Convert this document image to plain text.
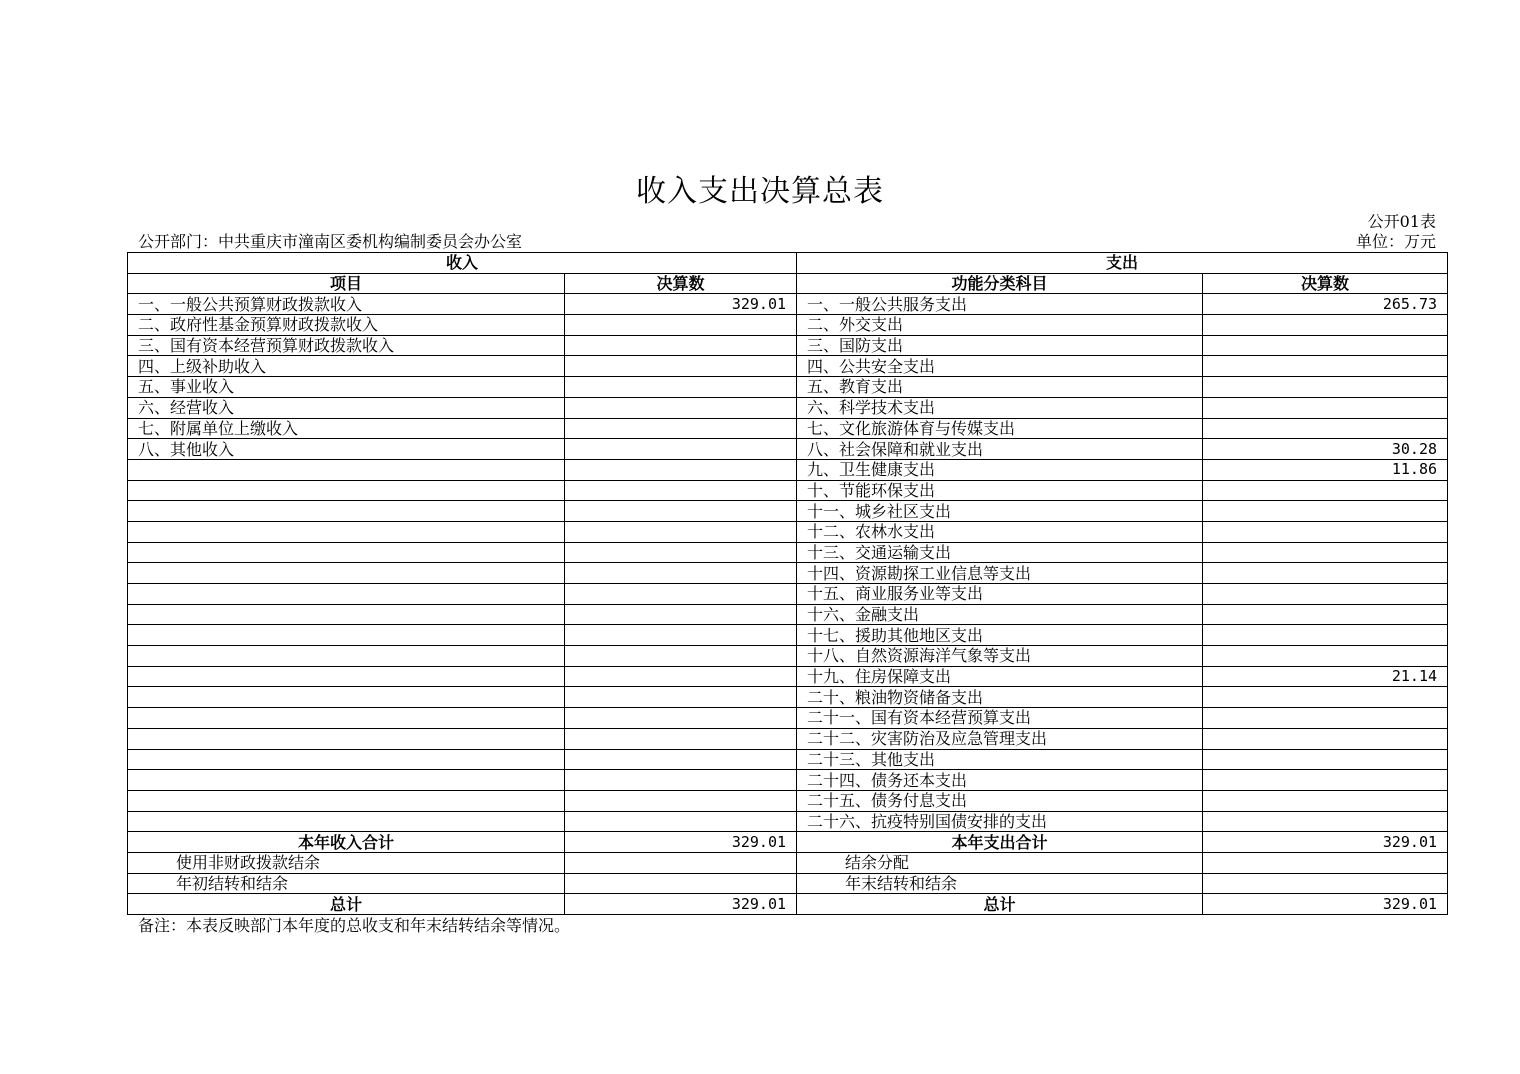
收入支出决算总表
公开01表
公开部门：中共重庆市潼南区委机构编制委员会办公室	单位：万元
收入		支出	
项目	决算数	功能分类科目	决算数
一、一般公共预算财政拨款收入	329.01	一、一般公共服务支出	265.73
二、政府性基金预算财政拨款收入		二、外交支出	
三、国有资本经营预算财政拨款收入		三、国防支出	
四、上级补助收入		四、公共安全支出	
五、事业收入		五、教育支出	
六、经营收入		六、科学技术支出	
七、附属单位上缴收入		七、文化旅游体育与传媒支出	
八、其他收入		八、社会保障和就业支出	30.28
		九、卫生健康支出	11.86
		十、节能环保支出	
		十一、城乡社区支出	
		十二、农林水支出	
		十三、交通运输支出	
		十四、资源勘探工业信息等支出	
		十五、商业服务业等支出	
		十六、金融支出	
		十七、援助其他地区支出	
		十八、自然资源海洋气象等支出	
		十九、住房保障支出	21.14
		二十、粮油物资储备支出	
		二十一、国有资本经营预算支出	
		二十二、灾害防治及应急管理支出	
		二十三、其他支出	
		二十四、债务还本支出	
		二十五、债务付息支出	
		二十六、抗疫特别国债安排的支出	
本年收入合计	329.01	本年支出合计	329.01
使用非财政拨款结余		结余分配	
年初结转和结余		年末结转和结余	
总计	329.01	总计	329.01
备注：本表反映部门本年度的总收支和年末结转结余等情况。
